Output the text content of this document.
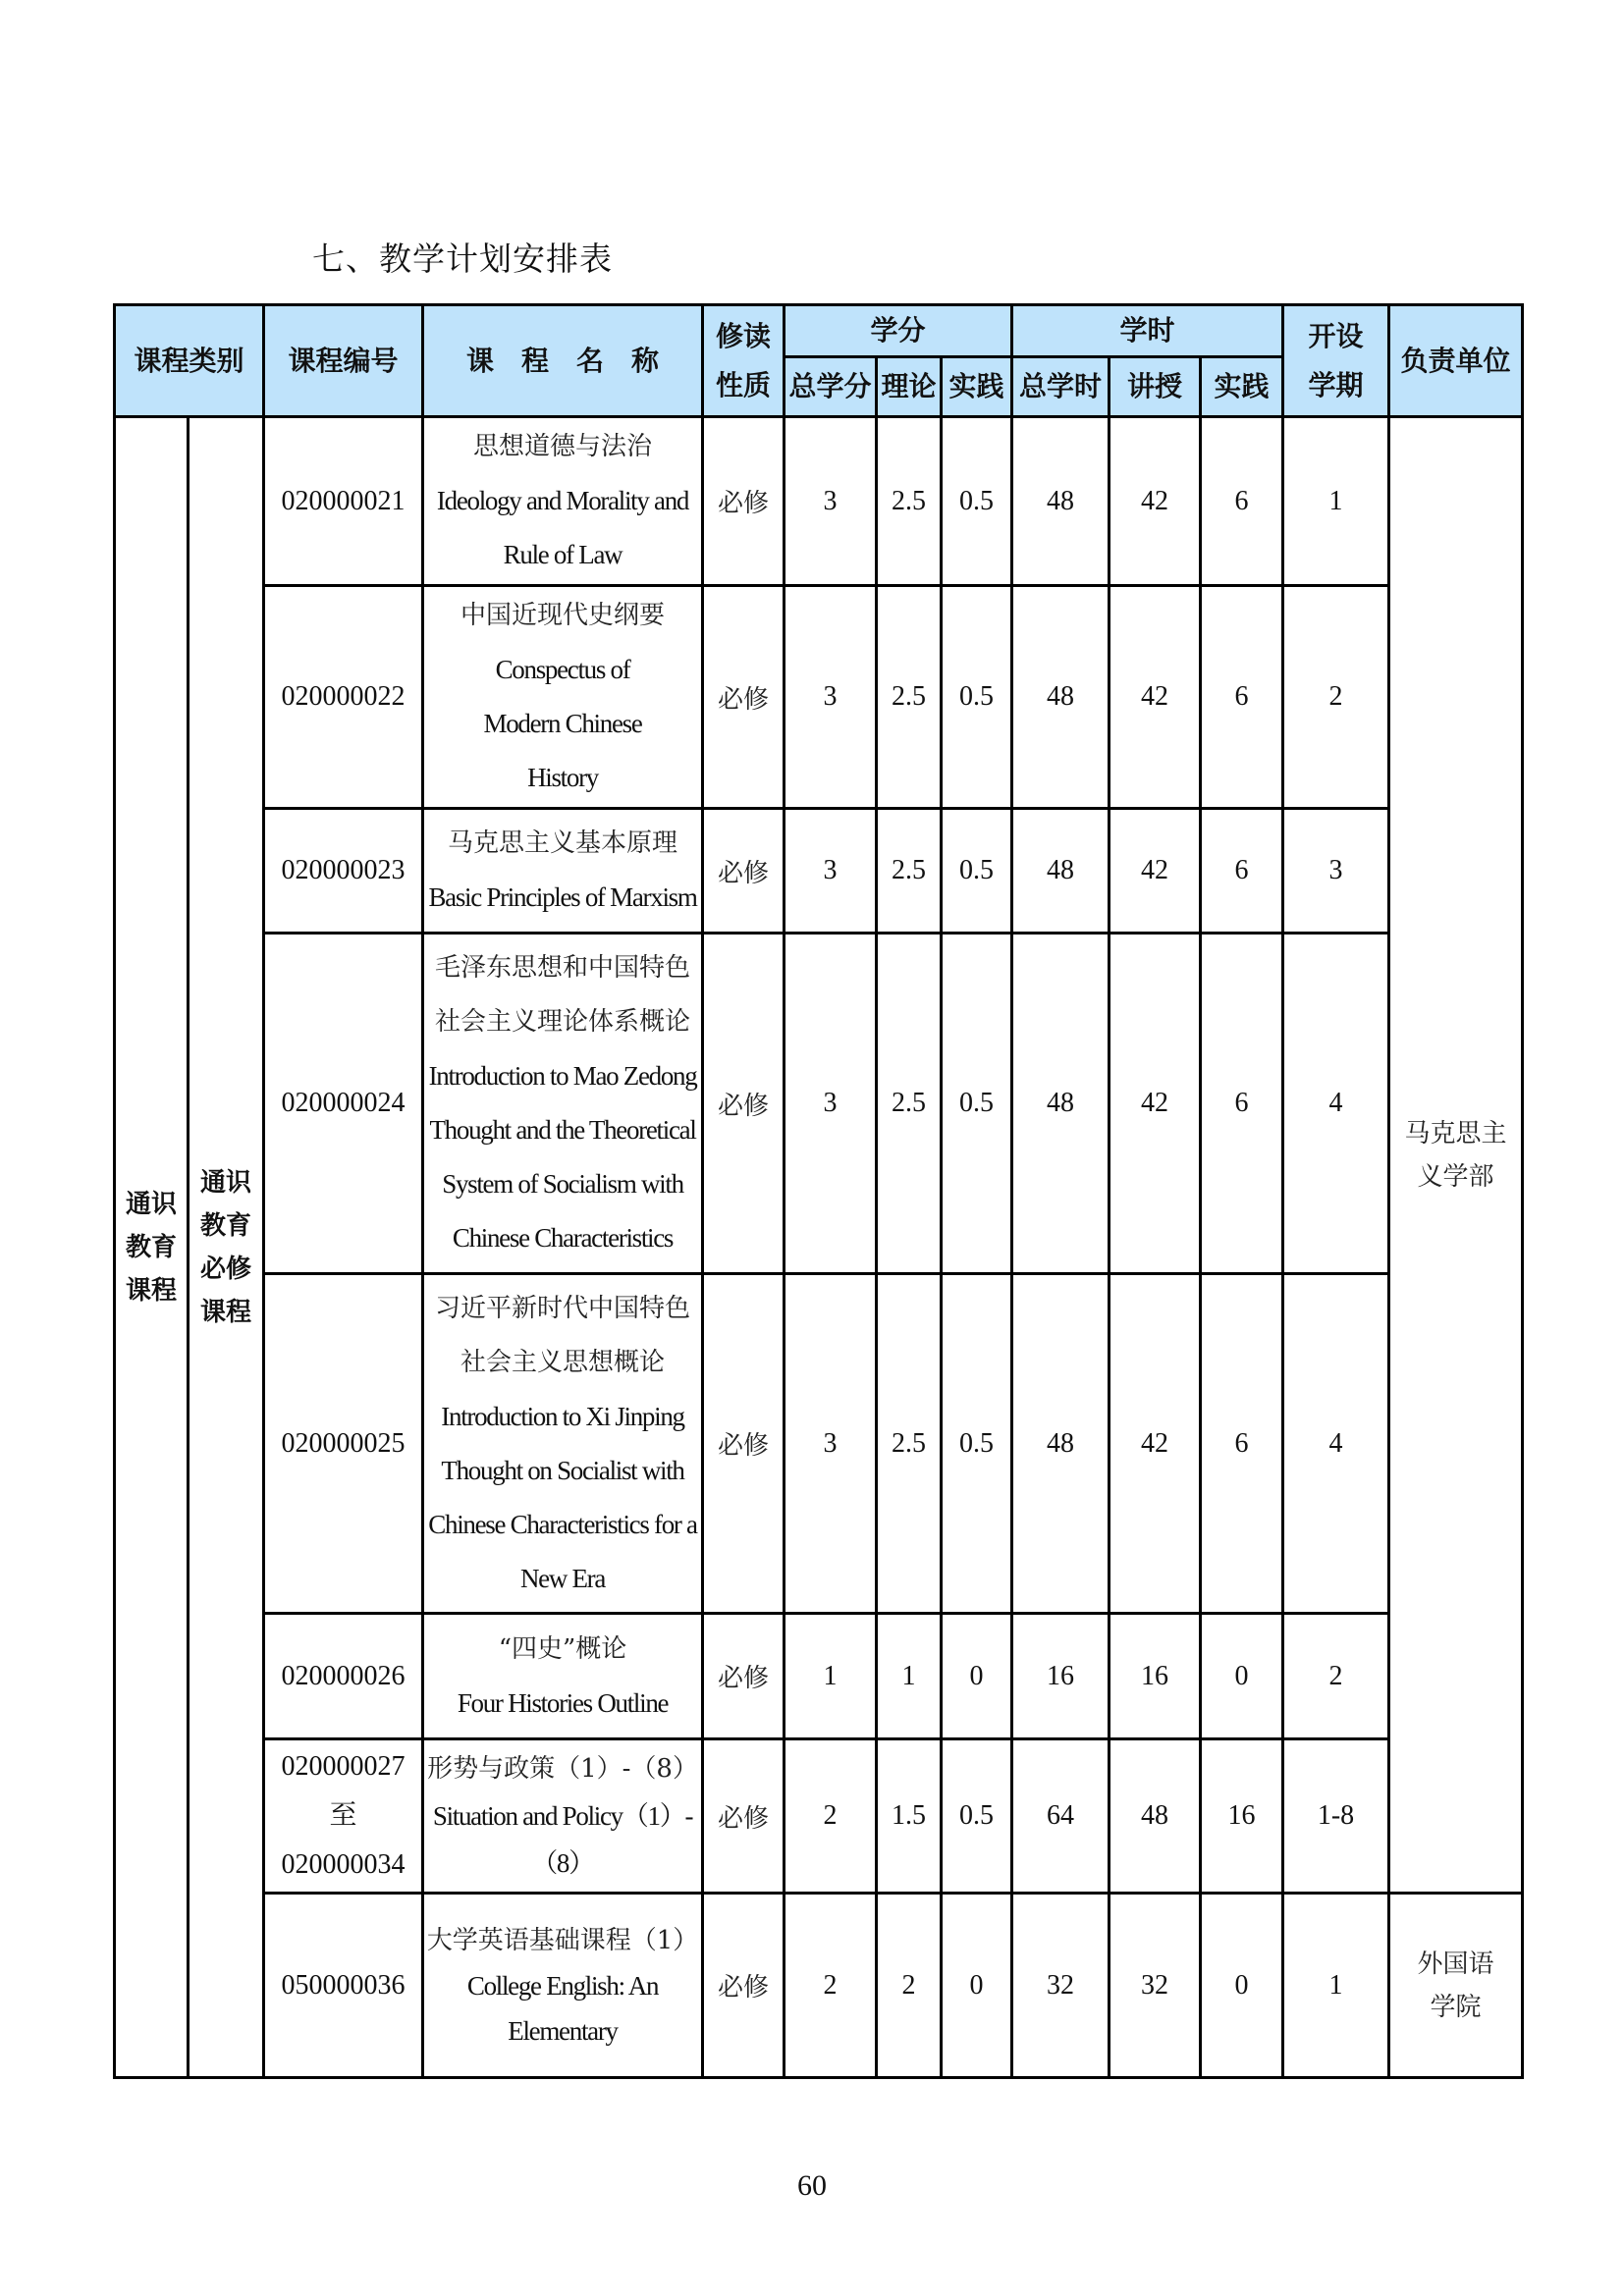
七、教学计划安排表
课程类别		课程编号	课　程　名　称	修读性质	学分			学时			开设学期	负责单位
					总学分	理论	实践	总学时	讲授	实践		
通识教育课程	通识教育必修课程	020000021	思想道德与法治
Ideology and Morality and Rule of Law	必修	3	2.5	0.5	48	42	6	1	马克思主义学部
		020000022	中国近现代史纲要
Conspectus of Modern Chinese History	必修	3	2.5	0.5	48	42	6	2	
		020000023	马克思主义基本原理
Basic Principles of Marxism	必修	3	2.5	0.5	48	42	6	3	
		020000024	毛泽东思想和中国特色社会主义理论体系概论
Introduction to Mao Zedong Thought and the Theoretical System of Socialism with Chinese Characteristics	必修	3	2.5	0.5	48	42	6	4	
		020000025	习近平新时代中国特色社会主义思想概论
Introduction to Xi Jinping Thought on Socialist with Chinese Characteristics for a New Era	必修	3	2.5	0.5	48	42	6	4	
		020000026	“四史”概论
Four Histories Outline	必修	1	1	0	16	16	0	2	
		020000027 至 020000034	形势与政策（1）-（8）
Situation and Policy（1）-（8）	必修	2	1.5	0.5	64	48	16	1-8	
		050000036	大学英语基础课程（1）
College English: An Elementary	必修	2	2	0	32	32	0	1	外国语学院
60
